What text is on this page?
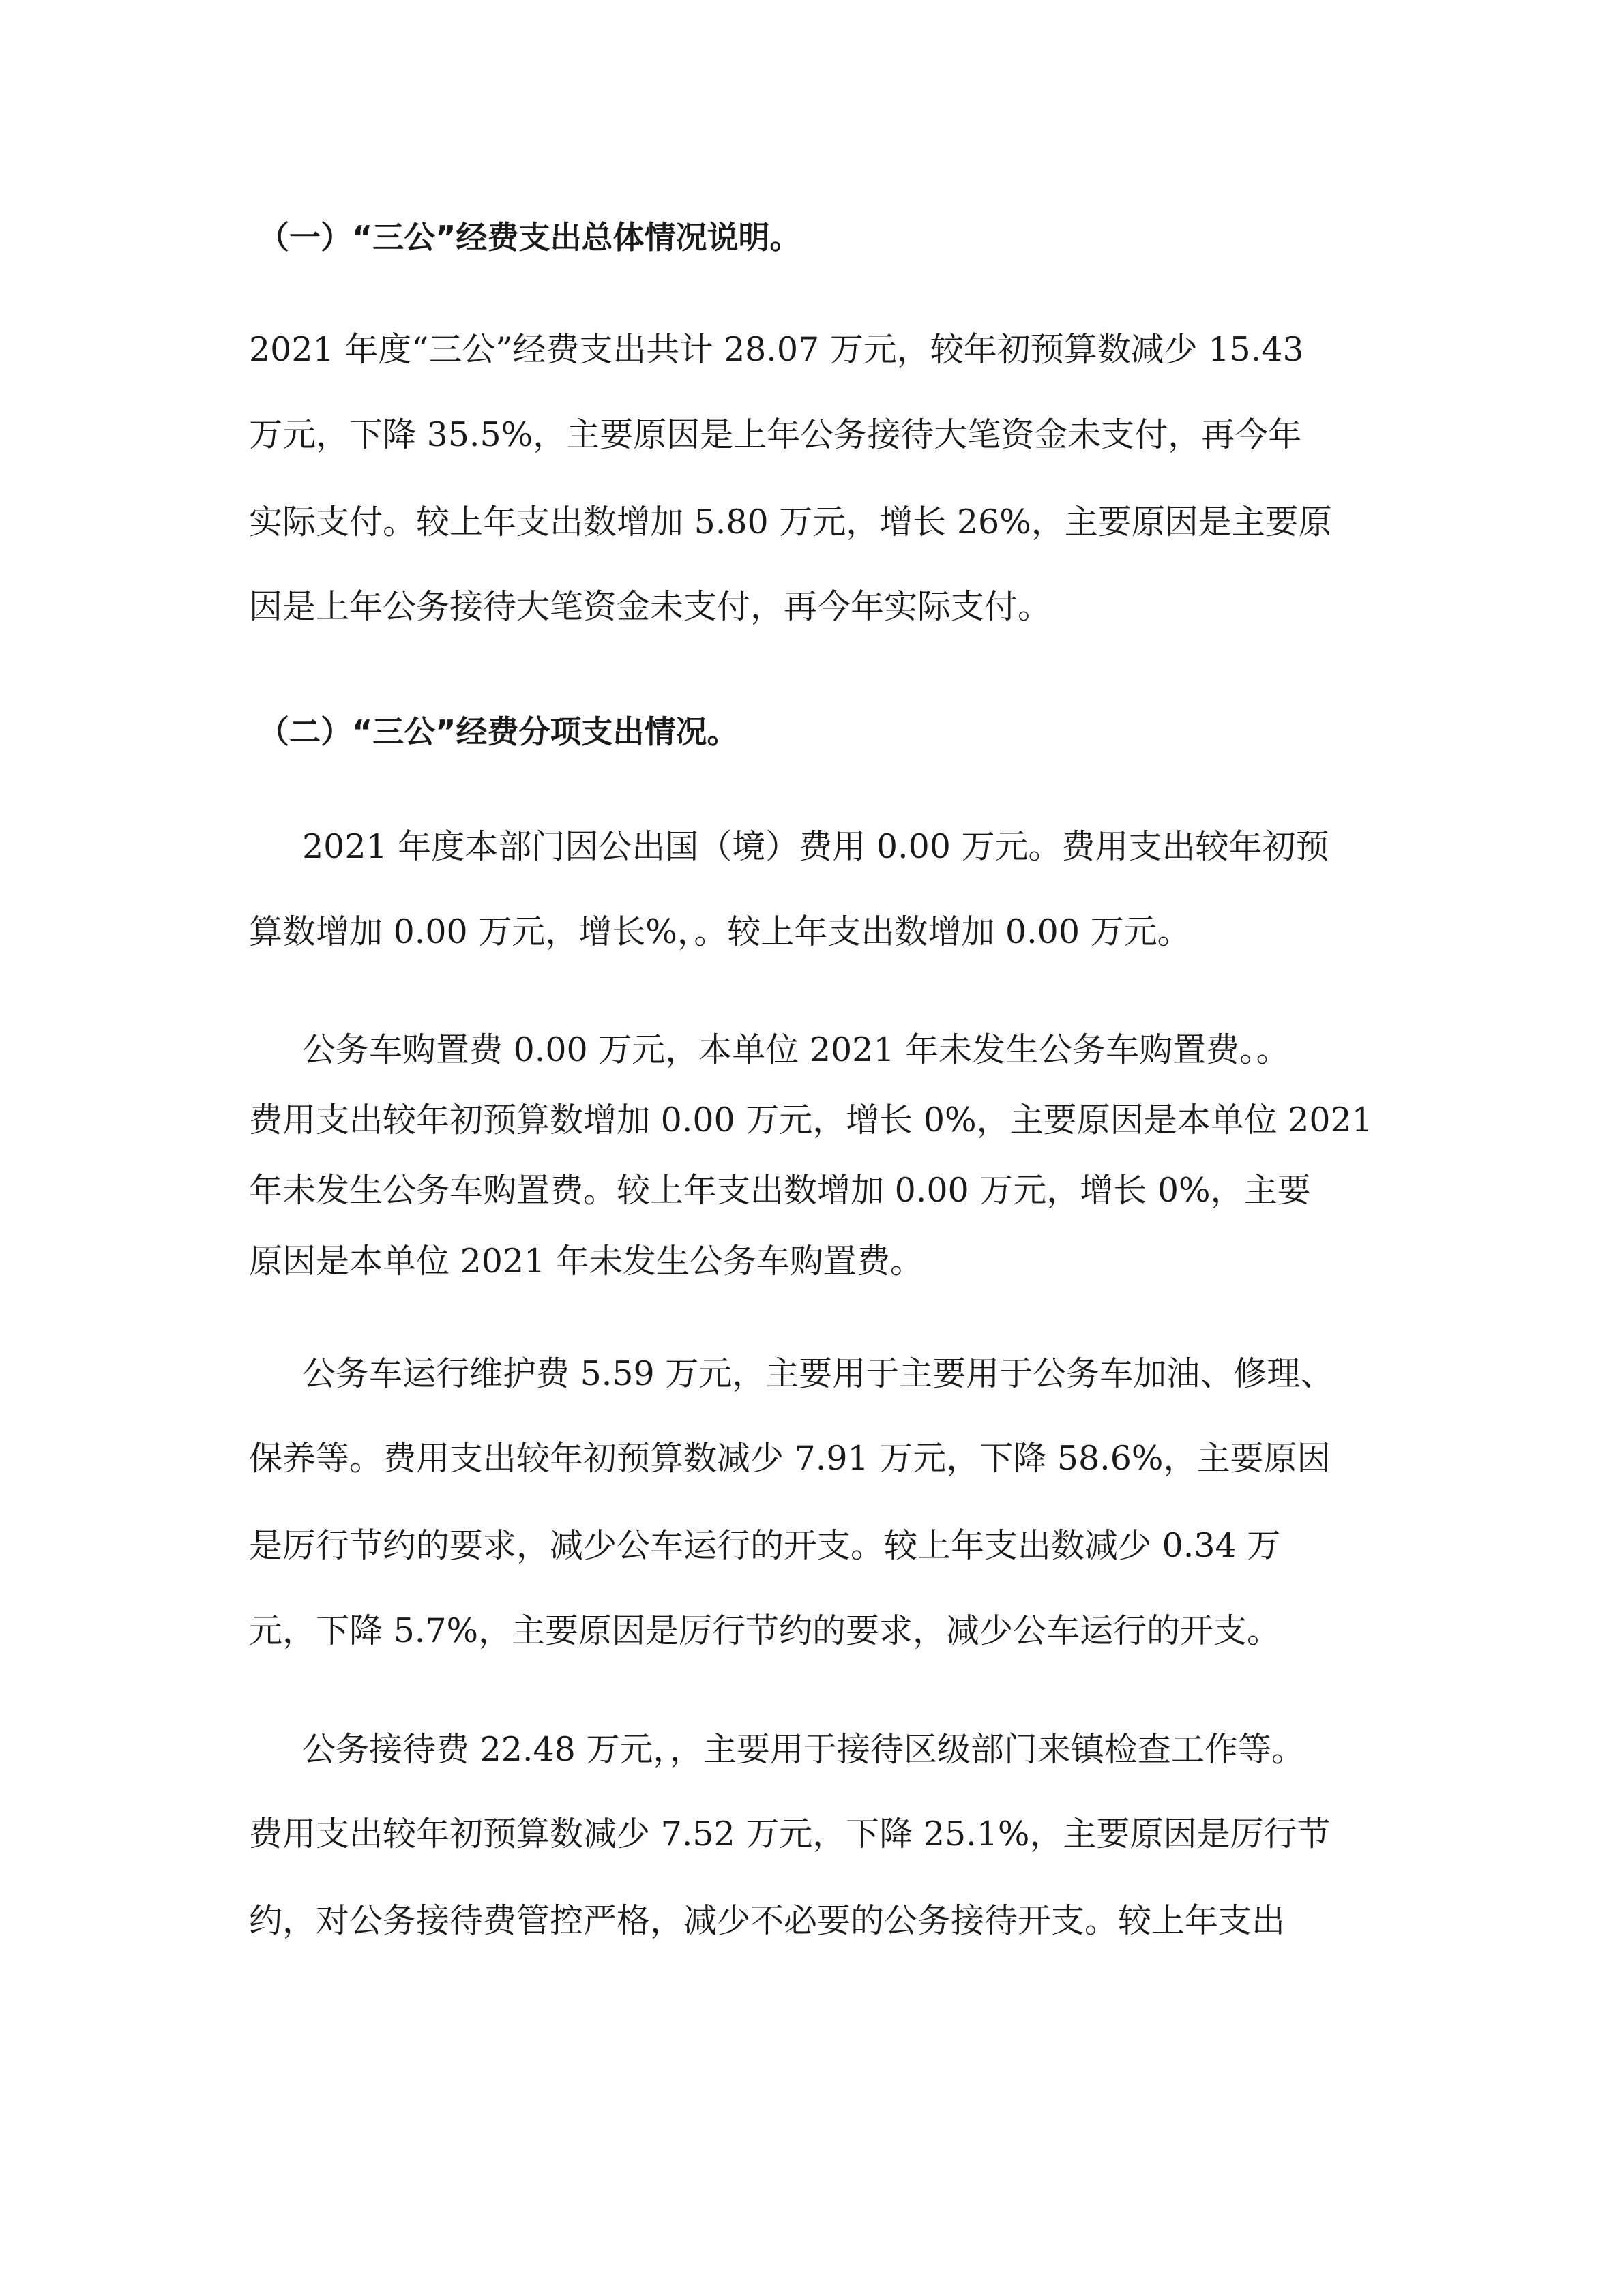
（一）“三公”经费支出总体情况说明。
2021 年度“三公”经费支出共计 28.07 万元，较年初预算数减少 15.43
万元，下降 35.5%，主要原因是上年公务接待大笔资金未支付，再今年
实际支付。较上年支出数增加 5.80 万元，增长 26%，主要原因是主要原
因是上年公务接待大笔资金未支付，再今年实际支付。
（二）“三公”经费分项支出情况。
2021 年度本部门因公出国（境）费用 0.00 万元。费用支出较年初预
算数增加 0.00 万元，增长%，。较上年支出数增加 0.00 万元。
公务车购置费 0.00 万元，本单位 2021 年未发生公务车购置费。。
费用支出较年初预算数增加 0.00 万元，增长 0%，主要原因是本单位 2021
年未发生公务车购置费。较上年支出数增加 0.00 万元，增长 0%，主要
原因是本单位 2021 年未发生公务车购置费。
公务车运行维护费 5.59 万元，主要用于主要用于公务车加油、修理、
保养等。费用支出较年初预算数减少 7.91 万元，下降 58.6%，主要原因
是厉行节约的要求，减少公车运行的开支。较上年支出数减少 0.34 万
元，下降 5.7%，主要原因是厉行节约的要求，减少公车运行的开支。
公务接待费 22.48 万元，，主要用于接待区级部门来镇检查工作等。
费用支出较年初预算数减少 7.52 万元，下降 25.1%，主要原因是厉行节
约，对公务接待费管控严格，减少不必要的公务接待开支。较上年支出
